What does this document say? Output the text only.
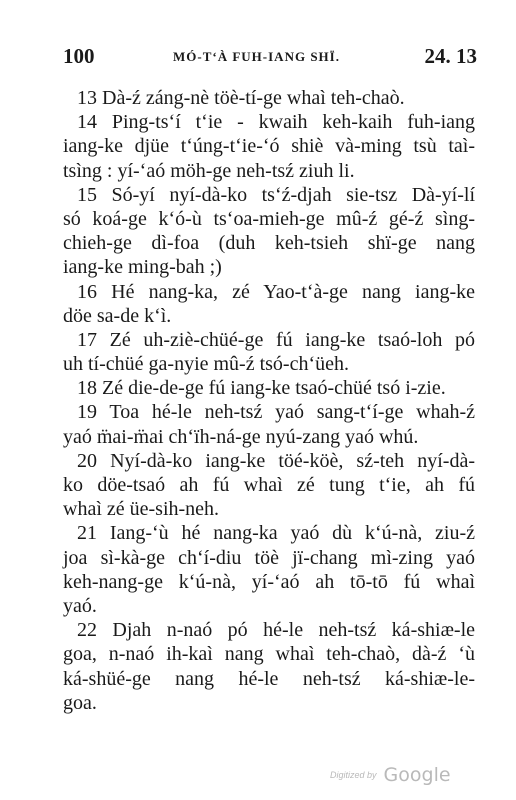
100	MÓ-T‘À FUH-IANG SHÏ.	24. 13
13 Dà-ź záng-nè töè-tí-ge whaì teh-chaò.
14 Ping-ts‘í t‘ie - kwaih keh-kaih fuh-iang
iang-ke djüe t‘úng-t‘ie-‘ó shiè và-ming tsù taì-
tsìng : yí-‘aó möh-ge neh-tsź ziuh li.
15 Só-yí nyí-dà-ko ts‘ź-djah sie-tsz Dà-yí-lí
só koá-ge k‘ó-ù ts‘oa-mieh-ge mû-ź gé-ź sìng-
chieh-ge dì-foa (duh keh-tsieh shï-ge nang
iang-ke ming-bah ;)
16 Hé nang-ka, zé Yao-t‘à-ge nang iang-ke
döe sa-de k‘ì.
17 Zé uh-ziè-chüé-ge fú iang-ke tsaó-loh pó
uh tí-chüé ga-nyie mû-ź tsó-ch‘üeh.
18 Zé die-de-ge fú iang-ke tsaó-chüé tsó i-zie.
19 Toa hé-le neh-tsź yaó sang-t‘í-ge whah-ź
yaó m̈ai-m̈ai ch‘ïh-ná-ge nyú-zang yaó whú.
20 Nyí-dà-ko iang-ke töé-köè, sź-teh nyí-dà-
ko döe-tsaó ah fú whaì zé tung t‘ie, ah fú
whaì zé üe-sih-neh.
21 Iang-‘ù hé nang-ka yaó dù k‘ú-nà, ziu-ź
joa sì-kà-ge ch‘í-diu töè jï-chang mì-zing yaó
keh-nang-ge k‘ú-nà, yí-‘aó ah tō-tō fú whaì
yaó.
22 Djah n-naó pó hé-le neh-tsź ká-shiæ-le
goa, n-naó ih-kaì nang whaì teh-chaò, dà-ź ‘ù
ká-shüé-ge nang hé-le neh-tsź ká-shiæ-le-
goa.
Digitized by Google
